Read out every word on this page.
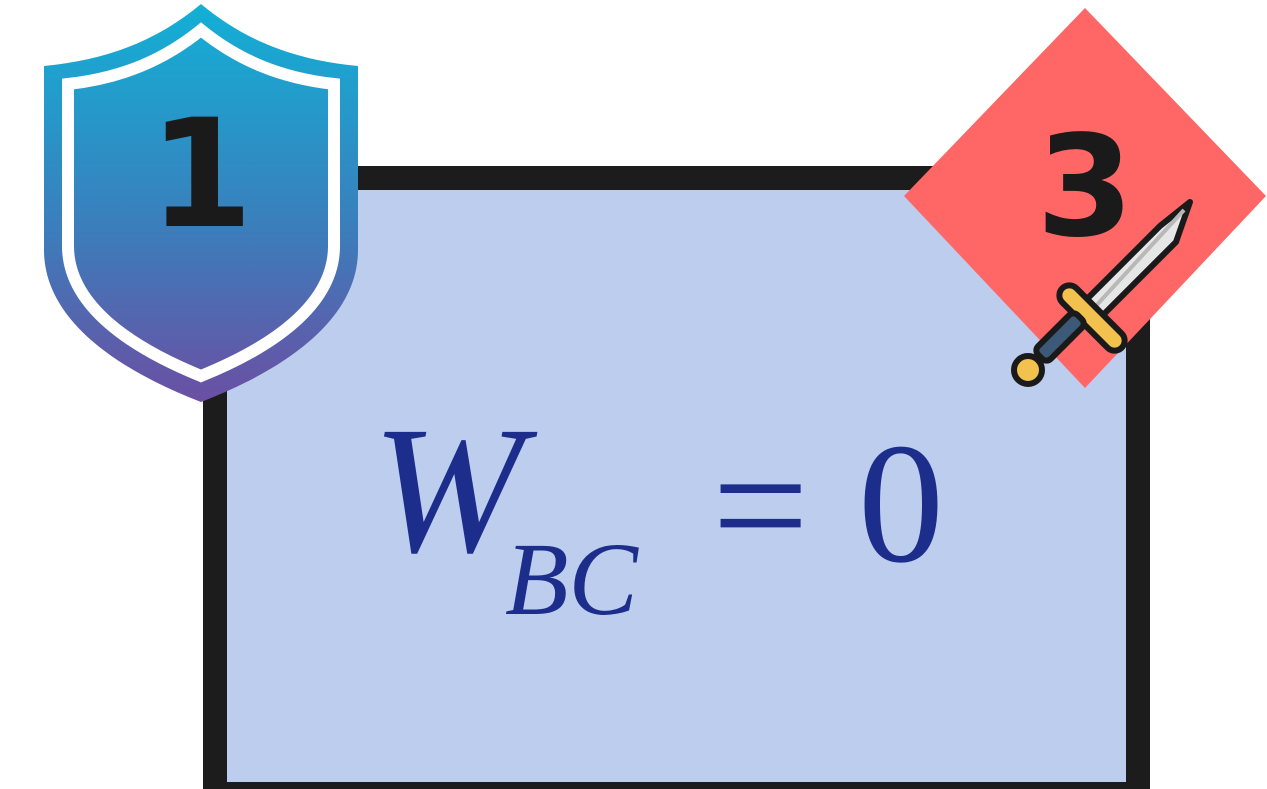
W
BC = 0
1	3
